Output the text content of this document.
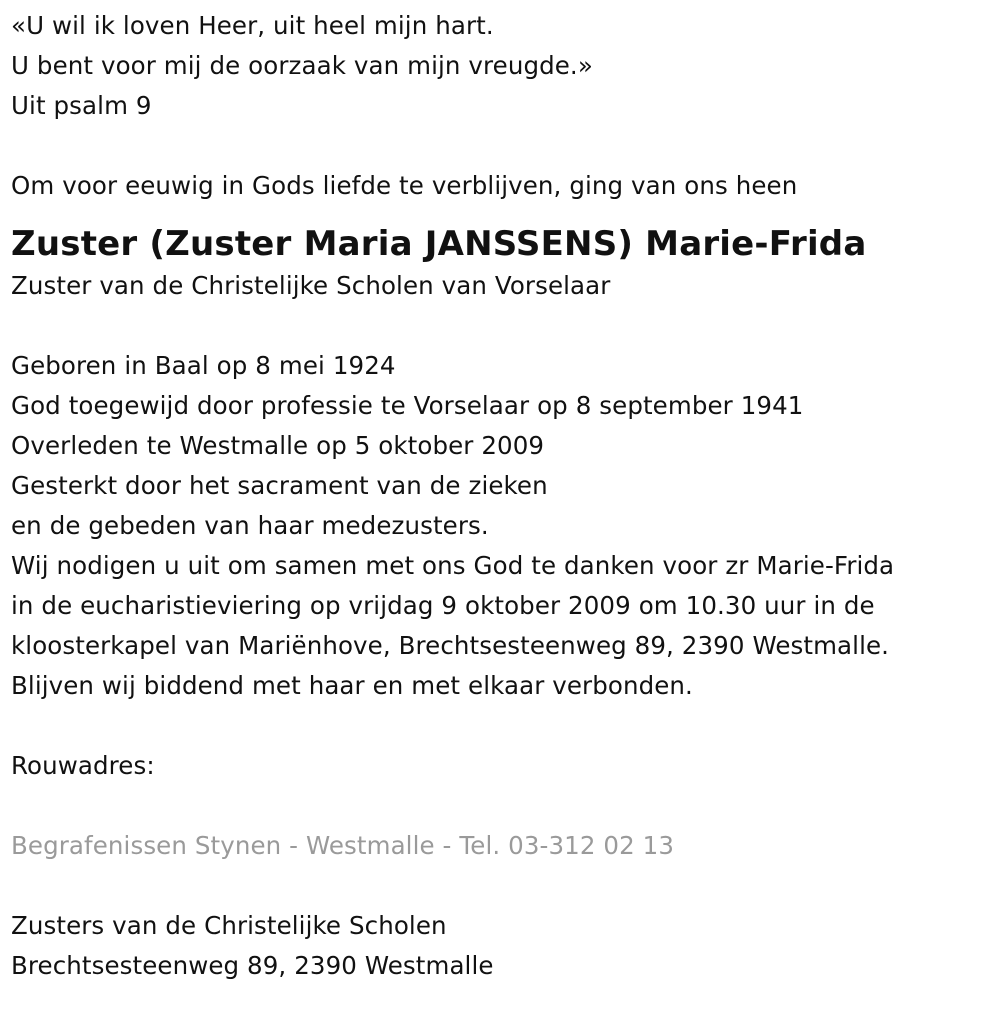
«U wil ik loven Heer, uit heel mijn hart.
U bent voor mij de oorzaak van mijn vreugde.»
Uit psalm 9
Om voor eeuwig in Gods liefde te verblijven, ging van ons heen
Zuster (Zuster Maria JANSSENS) Marie-Frida
Zuster van de Christelijke Scholen van Vorselaar
Geboren in Baal op 8 mei 1924
God toegewijd door professie te Vorselaar op 8 september 1941
Overleden te Westmalle op 5 oktober 2009
Gesterkt door het sacrament van de zieken
en de gebeden van haar medezusters.
Wij nodigen u uit om samen met ons God te danken voor zr Marie-Frida
in de eucharistieviering op vrijdag 9 oktober 2009 om 10.30 uur in de
kloosterkapel van Mariënhove, Brechtsesteenweg 89, 2390 Westmalle.
Blijven wij biddend met haar en met elkaar verbonden.
Rouwadres:
Begrafenissen Stynen - Westmalle - Tel. 03-312 02 13
Zusters van de Christelijke Scholen
Brechtsesteenweg 89, 2390 Westmalle
